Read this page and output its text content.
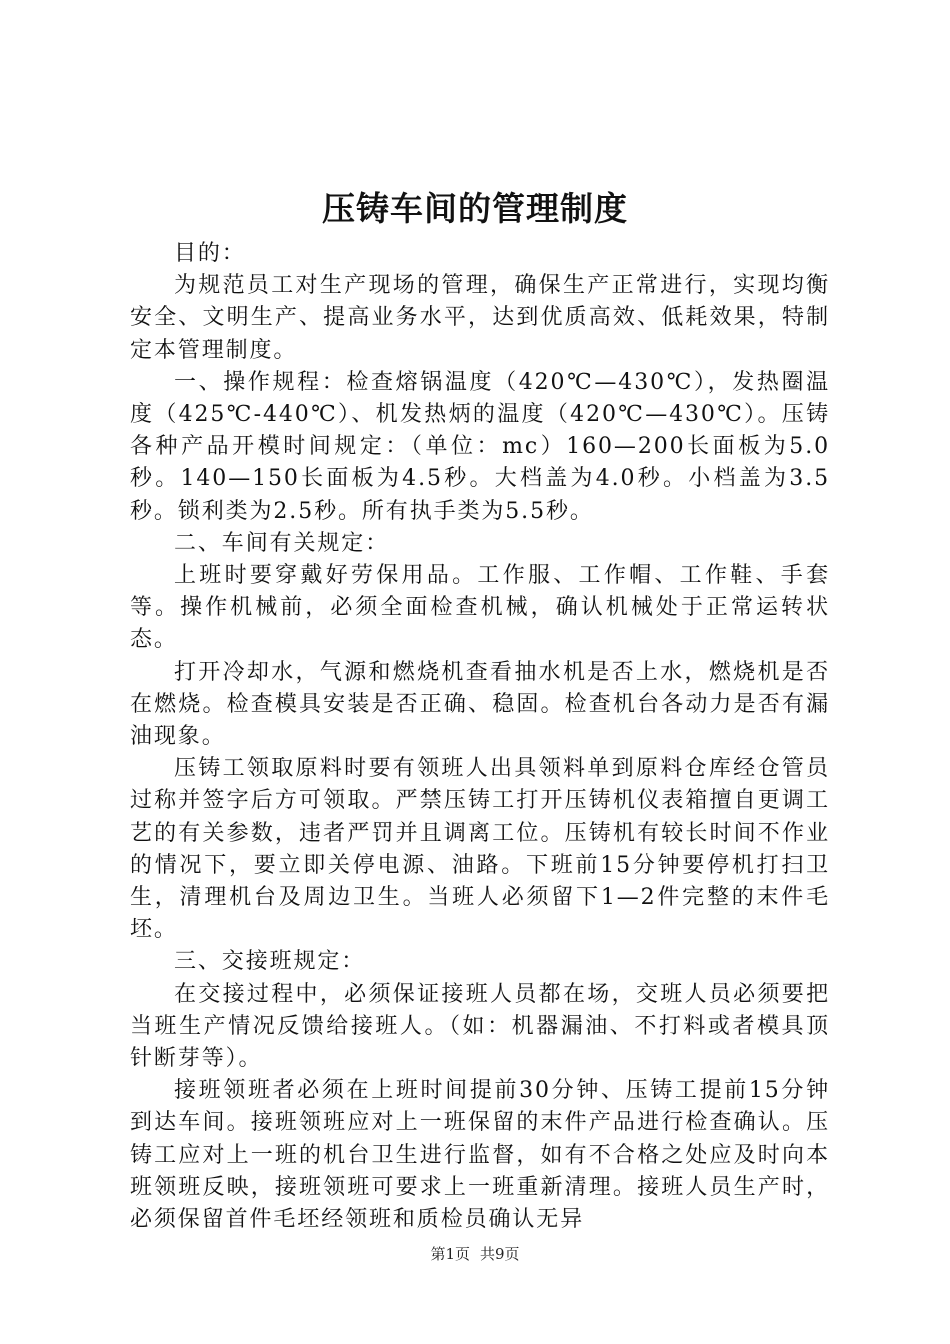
压铸车间的管理制度

目的：

为规范员工对生产现场的管理，确保生产正常进行，实现均衡安全、文明生产、提高业务水平，达到优质高效、低耗效果，特制定本管理制度。

一、操作规程：检查熔锅温度（420℃—430℃），发热圈温度（425℃-440℃）、机发热炳的温度（420℃—430℃）。压铸各种产品开模时间规定：（单位：mc）160—200长面板为5.0秒。140—150长面板为4.5秒。大档盖为4.0秒。小档盖为3.5秒。锁利类为2.5秒。所有执手类为5.5秒。

二、车间有关规定：

上班时要穿戴好劳保用品。工作服、工作帽、工作鞋、手套等。操作机械前，必须全面检查机械，确认机械处于正常运转状态。

打开冷却水，气源和燃烧机查看抽水机是否上水，燃烧机是否在燃烧。检查模具安装是否正确、稳固。检查机台各动力是否有漏油现象。

压铸工领取原料时要有领班人出具领料单到原料仓库经仓管员过称并签字后方可领取。严禁压铸工打开压铸机仪表箱擅自更调工艺的有关参数，违者严罚并且调离工位。压铸机有较长时间不作业的情况下，要立即关停电源、油路。下班前15分钟要停机打扫卫生，清理机台及周边卫生。当班人必须留下1—2件完整的末件毛坯。

三、交接班规定：

在交接过程中，必须保证接班人员都在场，交班人员必须要把当班生产情况反馈给接班人。（如：机器漏油、不打料或者模具顶针断芽等）。

接班领班者必须在上班时间提前30分钟、压铸工提前15分钟到达车间。接班领班应对上一班保留的末件产品进行检查确认。压铸工应对上一班的机台卫生进行监督，如有不合格之处应及时向本班领班反映，接班领班可要求上一班重新清理。接班人员生产时，必须保留首件毛坯经领班和质检员确认无异

第1页 共9页
